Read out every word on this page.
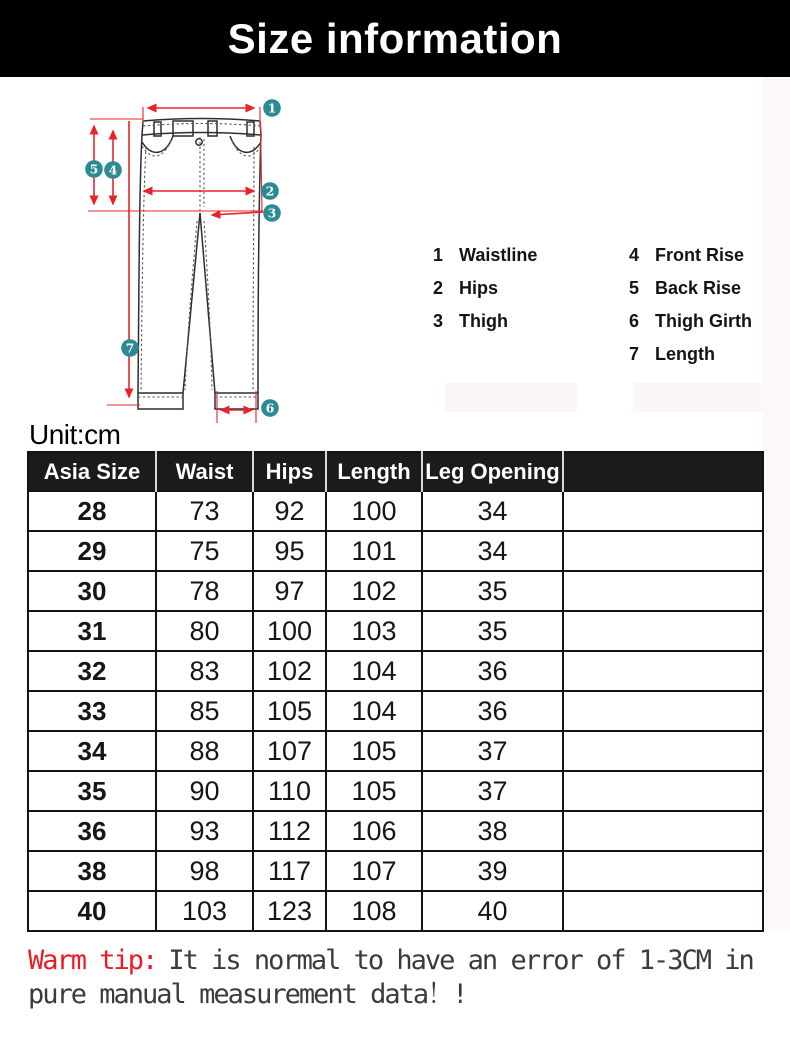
Size information
1
2
3
4
5
6
7
1 Waistline
2 Hips
3 Thigh
4 Front Rise
5 Back Rise
6 Thigh Girth
7 Length
Unit:cm
Asia Size	Waist	Hips	Length	Leg Opening	
28	73	92	100	34	
29	75	95	101	34	
30	78	97	102	35	
31	80	100	103	35	
32	83	102	104	36	
33	85	105	104	36	
34	88	107	105	37	
35	90	110	105	37	
36	93	112	106	38	
38	98	117	107	39	
40	103	123	108	40	
Warm tip: It is normal to have an error of 1-3CM in
pure manual measurement data！!
